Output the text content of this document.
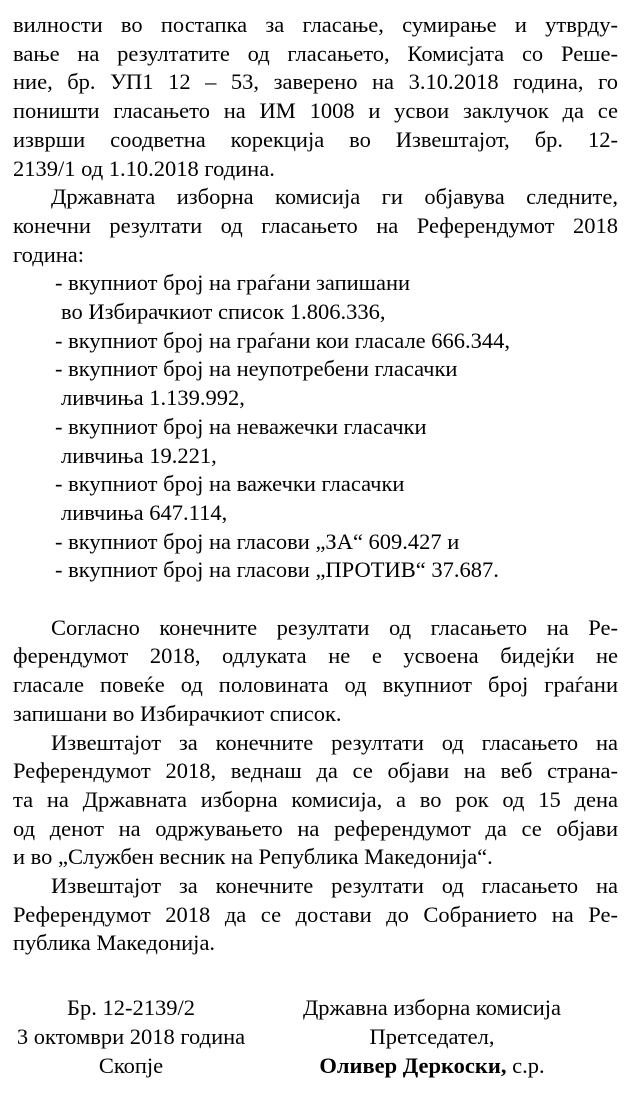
вилности во постапка за гласање, сумирање и утврду-
вање на резултатите од гласањето, Комисјата со Реше-
ние, бр. УП1 12 – 53, заверено на 3.10.2018 година, го
поништи гласањето на ИМ 1008 и усвои заклучок да се
изврши соодветна корекција во Извештајот, бр. 12-
2139/1 од 1.10.2018 година.
Државната изборна комисија ги објавува следните,
конечни резултати од гласањето на Референдумот 2018
година:
- вкупниот број на граѓани запишани
во Избирачкиот список 1.806.336,
- вкупниот број на граѓани кои гласале 666.344,
- вкупниот број на неупотребени гласачки
ливчиња 1.139.992,
- вкупниот број на неважечки гласачки
ливчиња 19.221,
- вкупниот број на важечки гласачки
ливчиња 647.114,
- вкупниот број на гласови „ЗА“ 609.427 и
- вкупниот број на гласови „ПРОТИВ“ 37.687.
Согласно конечните резултати од гласањето на Ре-
ферендумот 2018, одлуката не е усвоена бидејќи не
гласале повеќе од половината од вкупниот број граѓани
запишани во Избирачкиот список.
Извештајот за конечните резултати од гласањето на
Референдумот 2018, веднаш да се објави на веб страна-
та на Државната изборна комисија, а во рок од 15 дена
од денот на одржувањето на референдумот да се објави
и во „Службен весник на Република Македонија“.
Извештајот за конечните резултати од гласањето на
Референдумот 2018 да се достави до Собранието на Ре-
публика Македонија.
Бр. 12-2139/2
3 октомври 2018 година
Скопје
Државна изборна комисија
Претседател,
Оливер Деркоски, с.р.
